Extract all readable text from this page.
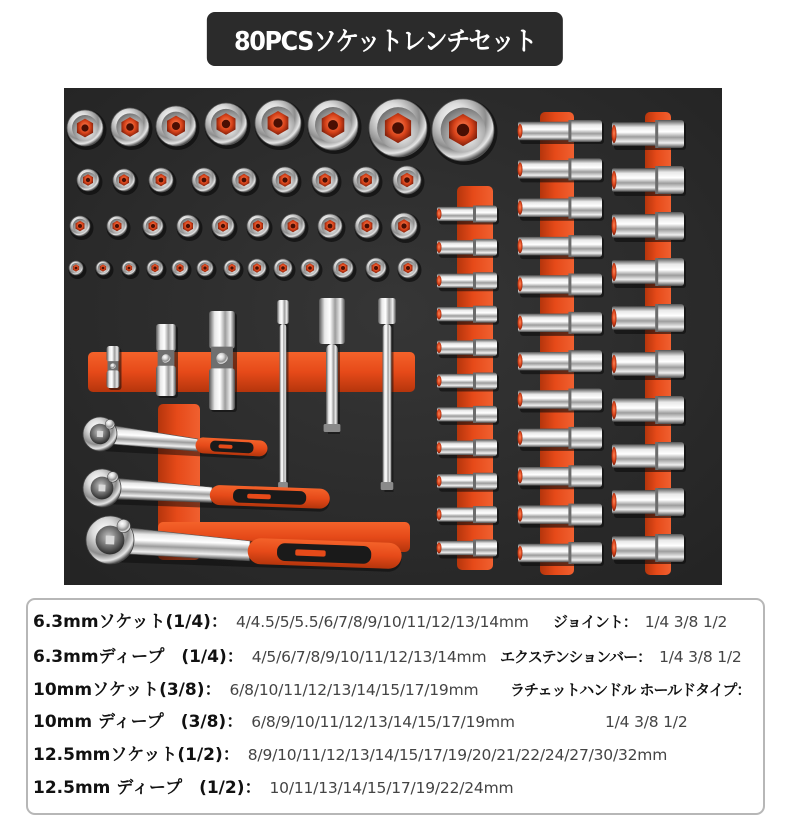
80PCSソケットレンチセット
6.3mmソケット(1/4)： 4/4.5/5/5.5/6/7/8/9/10/11/12/13/14mm
6.3mmディープ　(1/4)： 4/5/6/7/8/9/10/11/12/13/14mm
10mmソケット(3/8)： 6/8/10/11/12/13/14/15/17/19mm
10mm ディープ　(3/8)： 6/8/9/10/11/12/13/14/15/17/19mm
12.5mmソケット(1/2)： 8/9/10/11/12/13/14/15/17/19/20/21/22/24/27/30/32mm
12.5mm ディープ　(1/2)： 10/11/13/14/15/17/19/22/24mm
ジョイント： 1/4 3/8 1/2
エクステンションバー： 1/4 3/8 1/2
ラチェットハンドル ホールドタイプ：
1/4 3/8 1/2
